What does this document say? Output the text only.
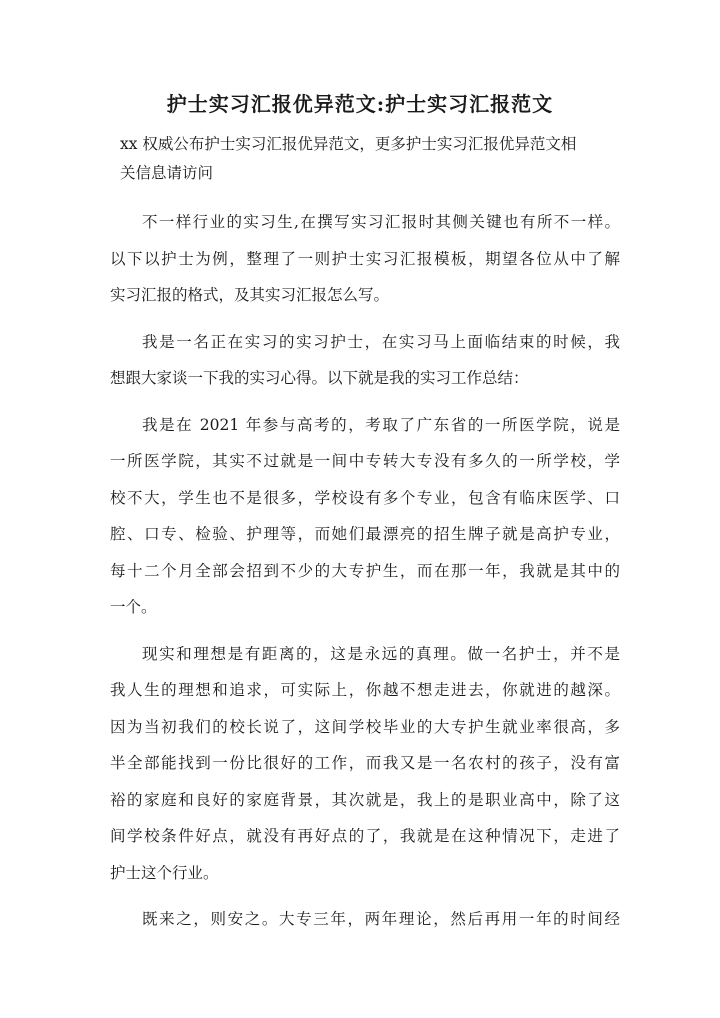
护士实习汇报优异范文:护士实习汇报范文
xx 权威公布护士实习汇报优异范文，更多护士实习汇报优异范文相
关信息请访问

不一样行业的实习生,在撰写实习汇报时其侧关键也有所不一样。
以下以护士为例，整理了一则护士实习汇报模板，期望各位从中了解
实习汇报的格式，及其实习汇报怎么写。

我是一名正在实习的实习护士，在实习马上面临结束的时候，我
想跟大家谈一下我的实习心得。以下就是我的实习工作总结：

我是在 2021 年参与高考的，考取了广东省的一所医学院，说是
一所医学院，其实不过就是一间中专转大专没有多久的一所学校，学
校不大，学生也不是很多，学校设有多个专业，包含有临床医学、口
腔、口专、检验、护理等，而她们最漂亮的招生牌子就是高护专业，
每十二个月全部会招到不少的大专护生，而在那一年，我就是其中的
一个。

现实和理想是有距离的，这是永远的真理。做一名护士，并不是
我人生的理想和追求，可实际上，你越不想走进去，你就进的越深。
因为当初我们的校长说了，这间学校毕业的大专护生就业率很高，多
半全部能找到一份比很好的工作，而我又是一名农村的孩子，没有富
裕的家庭和良好的家庭背景，其次就是，我上的是职业高中，除了这
间学校条件好点，就没有再好点的了，我就是在这种情况下，走进了
护士这个行业。

既来之，则安之。大专三年，两年理论，然后再用一年的时间经
